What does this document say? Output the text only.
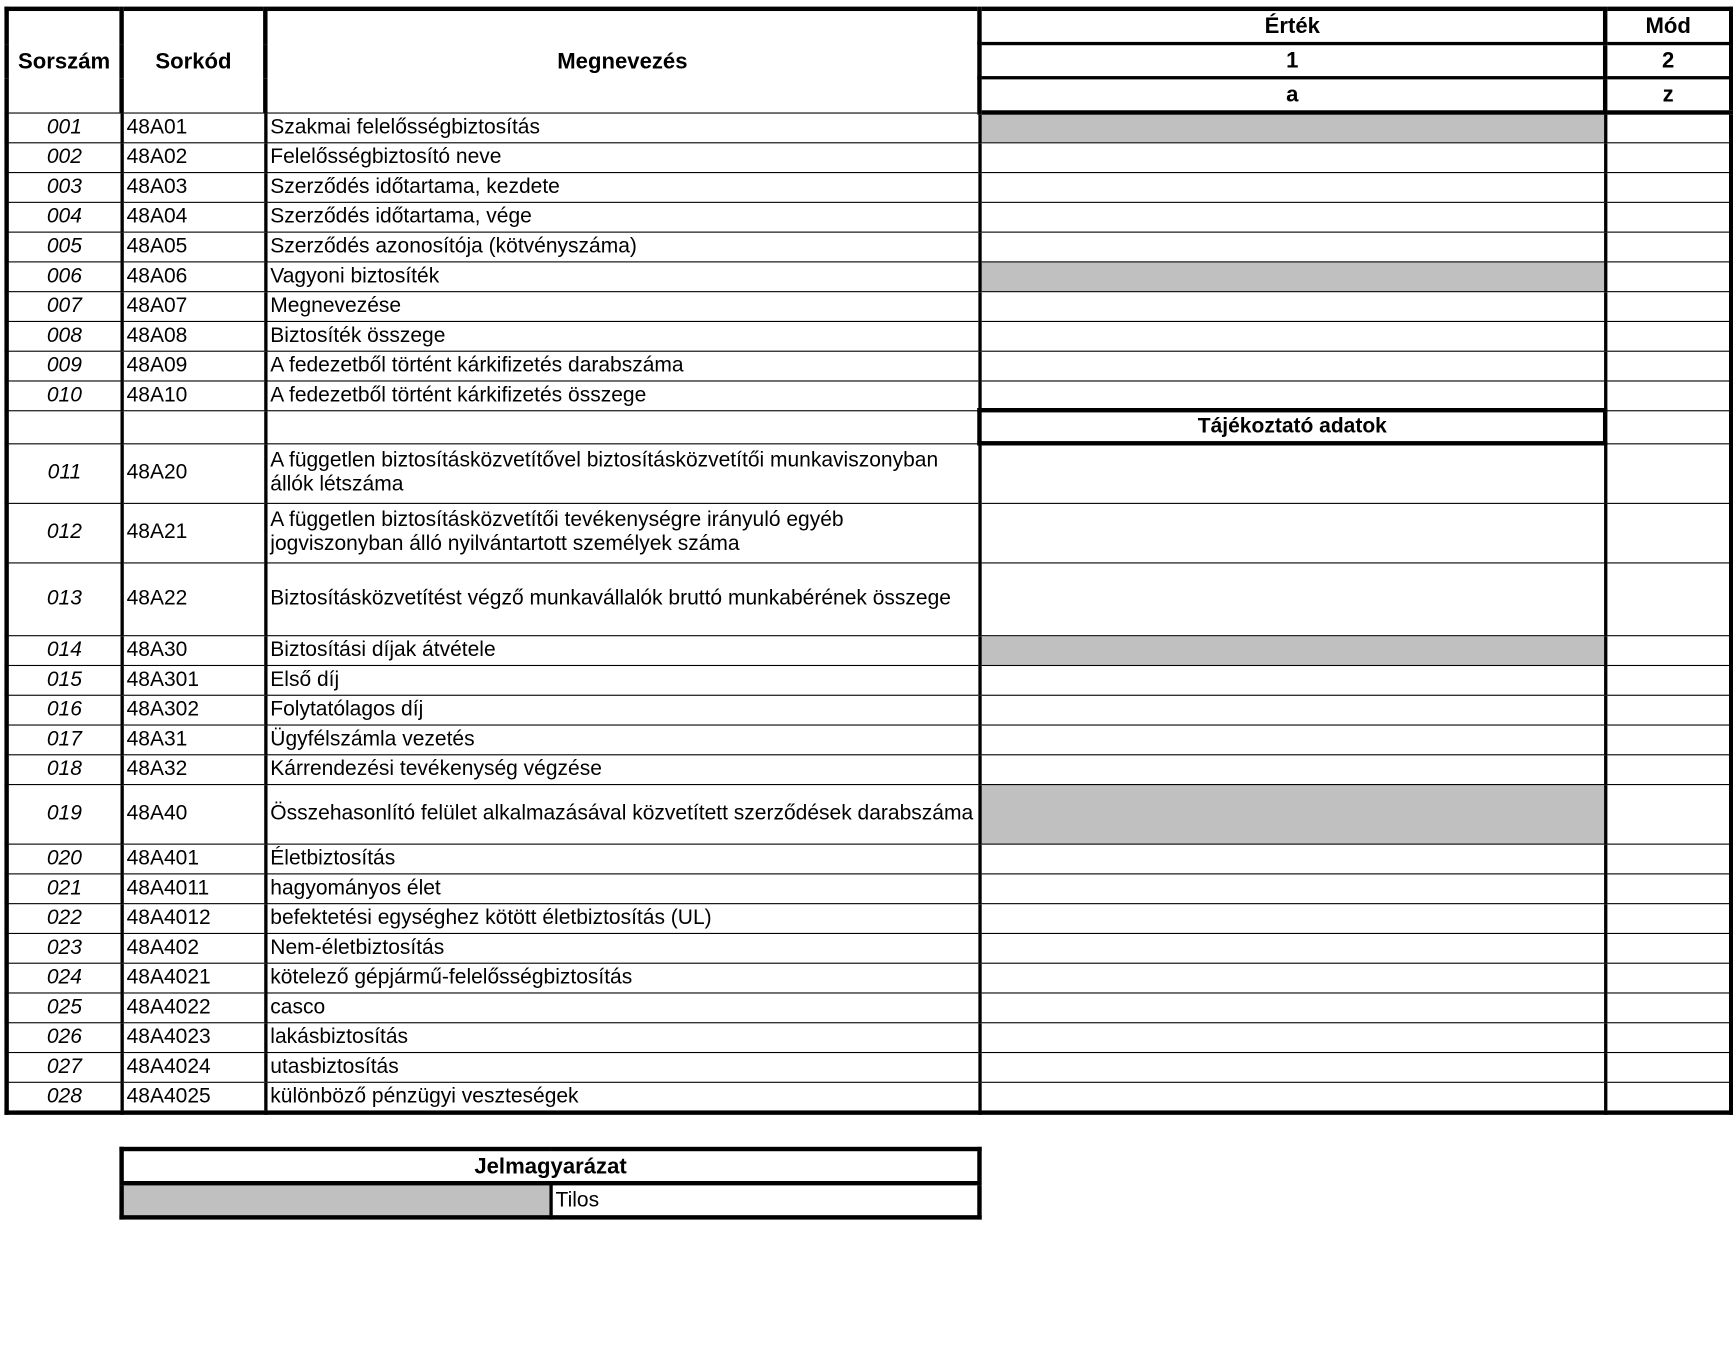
Sorszám	Sorkód	Megnevezés	Érték	Mód
			1	2
			a	z
001	48A01	Szakmai felelősségbiztosítás		
002	48A02	Felelősségbiztosító neve		
003	48A03	Szerződés időtartama, kezdete		
004	48A04	Szerződés időtartama, vége		
005	48A05	Szerződés azonosítója (kötvényszáma)		
006	48A06	Vagyoni biztosíték		
007	48A07	Megnevezése		
008	48A08	Biztosíték összege		
009	48A09	A fedezetből történt kárkifizetés darabszáma		
010	48A10	A fedezetből történt kárkifizetés összege		
			Tájékoztató adatok	
011	48A20	A független biztosításközvetítővel biztosításközvetítői munkaviszonyban állók létszáma		
012	48A21	A független biztosításközvetítői tevékenységre irányuló egyéb jogviszonyban álló nyilvántartott személyek száma		
013	48A22	Biztosításközvetítést végző munkavállalók bruttó munkabérének összege		
014	48A30	Biztosítási díjak átvétele		
015	48A301	Első díj		
016	48A302	Folytatólagos díj		
017	48A31	Ügyfélszámla vezetés		
018	48A32	Kárrendezési tevékenység végzése		
019	48A40	Összehasonlító felület alkalmazásával közvetített szerződések darabszáma		
020	48A401	Életbiztosítás		
021	48A4011	hagyományos élet		
022	48A4012	befektetési egységhez kötött életbiztosítás (UL)		
023	48A402	Nem-életbiztosítás		
024	48A4021	kötelező gépjármű-felelősségbiztosítás		
025	48A4022	casco		
026	48A4023	lakásbiztosítás		
027	48A4024	utasbiztosítás		
028	48A4025	különböző pénzügyi veszteségek		
Jelmagyarázat
	Tilos
